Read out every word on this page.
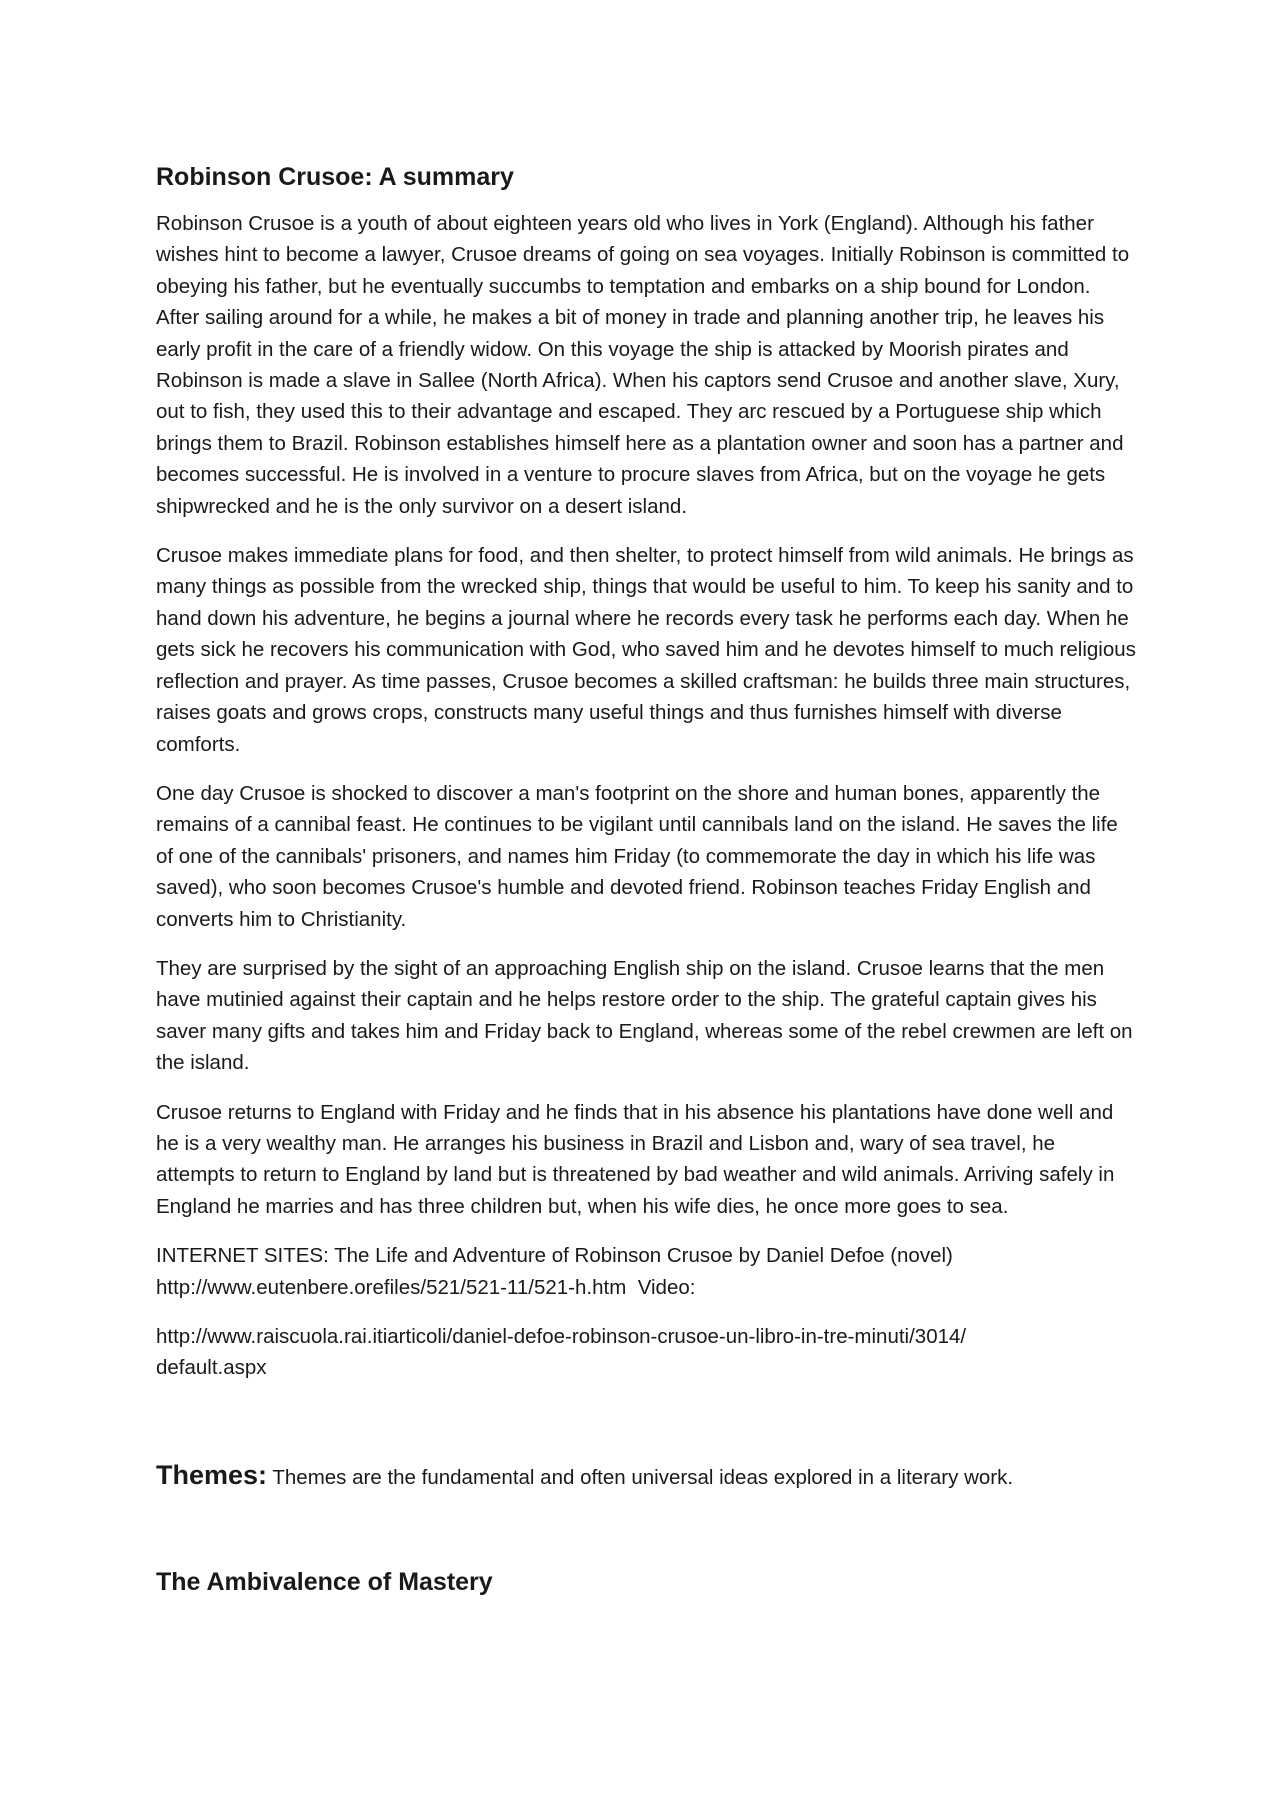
Robinson Crusoe: A summary

Robinson Crusoe is a youth of about eighteen years old who lives in York (England). Although his father wishes hint to become a lawyer, Crusoe dreams of going on sea voyages. Initially Robinson is committed to obeying his father, but he eventually succumbs to temptation and embarks on a ship bound for London. After sailing around for a while, he makes a bit of money in trade and planning another trip, he leaves his early profit in the care of a friendly widow. On this voyage the ship is attacked by Moorish pirates and Robinson is made a slave in Sallee (North Africa). When his captors send Crusoe and another slave, Xury, out to fish, they used this to their advantage and escaped. They arc rescued by a Portuguese ship which brings them to Brazil. Robinson establishes himself here as a plantation owner and soon has a partner and becomes successful. He is involved in a venture to procure slaves from Africa, but on the voyage he gets shipwrecked and he is the only survivor on a desert island.

Crusoe makes immediate plans for food, and then shelter, to protect himself from wild animals. He brings as many things as possible from the wrecked ship, things that would be useful to him. To keep his sanity and to hand down his adventure, he begins a journal where he records every task he performs each day. When he gets sick he recovers his communication with God, who saved him and he devotes himself to much religious reflection and prayer. As time passes, Crusoe becomes a skilled craftsman: he builds three main structures, raises goats and grows crops, constructs many useful things and thus furnishes himself with diverse comforts.

One day Crusoe is shocked to discover a man's footprint on the shore and human bones, apparently the remains of a cannibal feast. He continues to be vigilant until cannibals land on the island. He saves the life of one of the cannibals' prisoners, and names him Friday (to commemorate the day in which his life was saved), who soon becomes Crusoe's humble and devoted friend. Robinson teaches Friday English and converts him to Christianity.

They are surprised by the sight of an approaching English ship on the island. Crusoe learns that the men have mutinied against their captain and he helps restore order to the ship. The grateful captain gives his saver many gifts and takes him and Friday back to England, whereas some of the rebel crewmen are left on the island.

Crusoe returns to England with Friday and he finds that in his absence his plantations have done well and he is a very wealthy man. He arranges his business in Brazil and Lisbon and, wary of sea travel, he attempts to return to England by land but is threatened by bad weather and wild animals. Arriving safely in England he marries and has three children but, when his wife dies, he once more goes to sea.

INTERNET SITES: The Life and Adventure of Robinson Crusoe by Daniel Defoe (novel)
http://www.eutenbere.orefiles/521/521-11/521-h.htm Video:
http://www.raiscuola.rai.itiarticoli/daniel-defoe-robinson-crusoe-un-libro-in-tre-minuti/3014/
default.aspx
Themes: Themes are the fundamental and often universal ideas explored in a literary work.
The Ambivalence of Mastery
